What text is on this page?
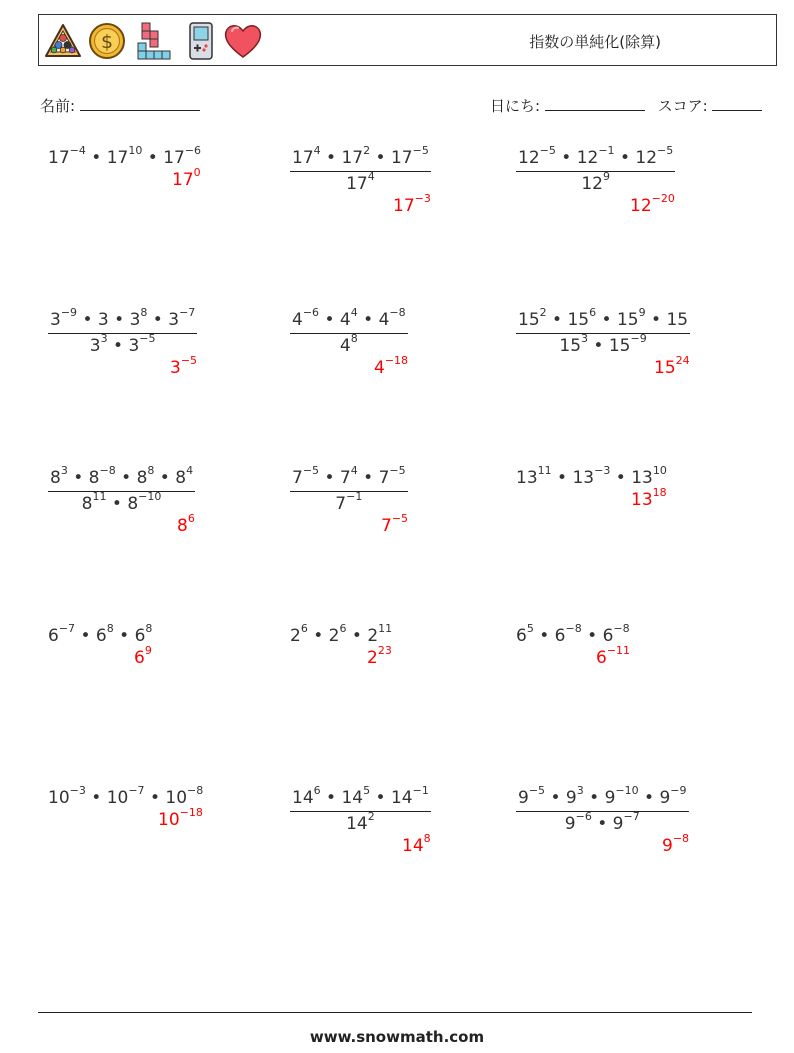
$	指数の単純化(除算)
名前:	日にち:	スコア:
$17^{-4}$ • $17^{10}$ • $17^{-6}$
$17^0$	$\frac{17^4 • 17^2 • 17^{-5}}{17^4}$
$17^{-3}$
$\frac{12^{-5} • 12^{-1} • 12^{-5}}{12^9}$
$12^{-20}$
$\frac{3^{-9} • 3 • 3^8 • 3^{-7}}{3^3 • 3^{-5}}$
$3^{-5}$
$\frac{4^{-6} • 4^4 • 4^{-8}}{4^8}$
$4^{-18}$
$\frac{15^2 • 15^6 • 15^9 • 15}{15^3 • 15^{-9}}$
$15^{24}$
$\frac{8^3 • 8^{-8} • 8^8 • 8^4}{8^{11} • 8^{-10}}$
$8^6$
$\frac{7^{-5} • 7^4 • 7^{-5}}{7^{-1}}$
$7^{-5}$
$13^{11}$ • $13^{-3}$ • $13^{10}$
$13^{18}$
$6^{-7}$ • $6^8$ • $6^8$
$6^9$
$2^6$ • $2^6$ • $2^{11}$
$2^{23}$
$6^5$ • $6^{-8}$ • $6^{-8}$
$6^{-11}$
$10^{-3}$ • $10^{-7}$ • $10^{-8}$
$10^{-18}$	$\frac{14^6 • 14^5 • 14^{-1}}{14^2}$
$14^8$
$\frac{9^{-5} • 9^3 • 9^{-10} • 9^{-9}}{9^{-6} • 9^{-7}}$
$9^{-8}$
www.snowmath.com
